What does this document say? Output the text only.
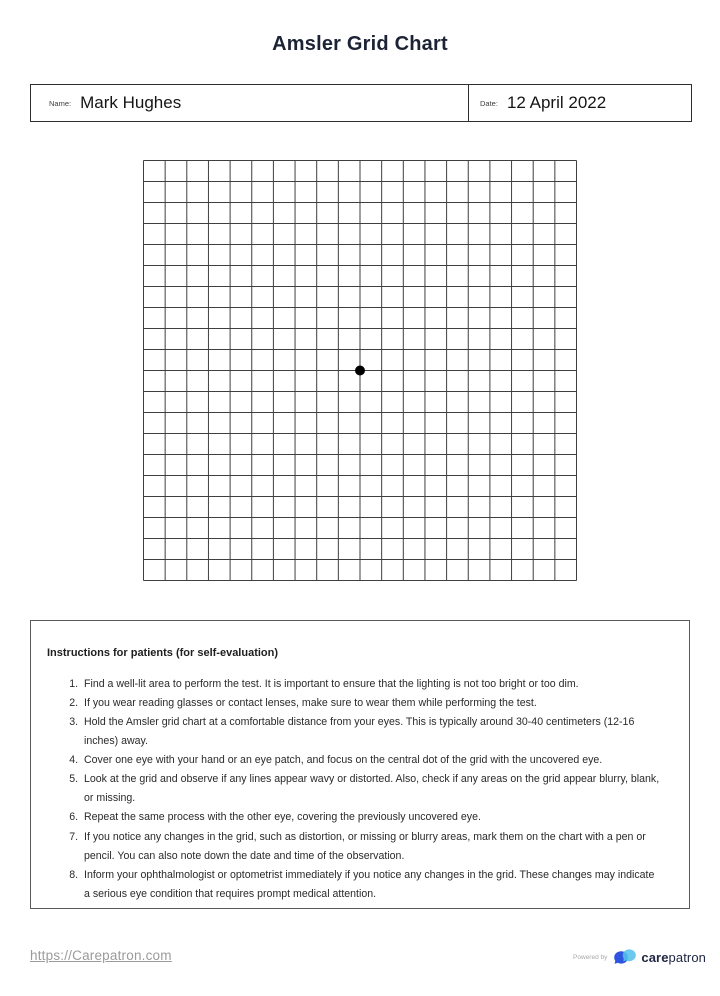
Amsler Grid Chart
Name: Mark Hughes	Date: 12 April 2022
Instructions for patients (for self-evaluation)
1. Find a well-lit area to perform the test. It is important to ensure that the lighting is not too bright or too dim.
2. If you wear reading glasses or contact lenses, make sure to wear them while performing the test.
3. Hold the Amsler grid chart at a comfortable distance from your eyes. This is typically around 30-40 centimeters (12-16 inches) away.
4. Cover one eye with your hand or an eye patch, and focus on the central dot of the grid with the uncovered eye.
5. Look at the grid and observe if any lines appear wavy or distorted. Also, check if any areas on the grid appear blurry, blank, or missing.
6. Repeat the same process with the other eye, covering the previously uncovered eye.
7. If you notice any changes in the grid, such as distortion, or missing or blurry areas, mark them on the chart with a pen or pencil. You can also note down the date and time of the observation.
8. Inform your ophthalmologist or optometrist immediately if you notice any changes in the grid. These changes may indicate a serious eye condition that requires prompt medical attention.
https://Carepatron.com	Powered by	carepatron
